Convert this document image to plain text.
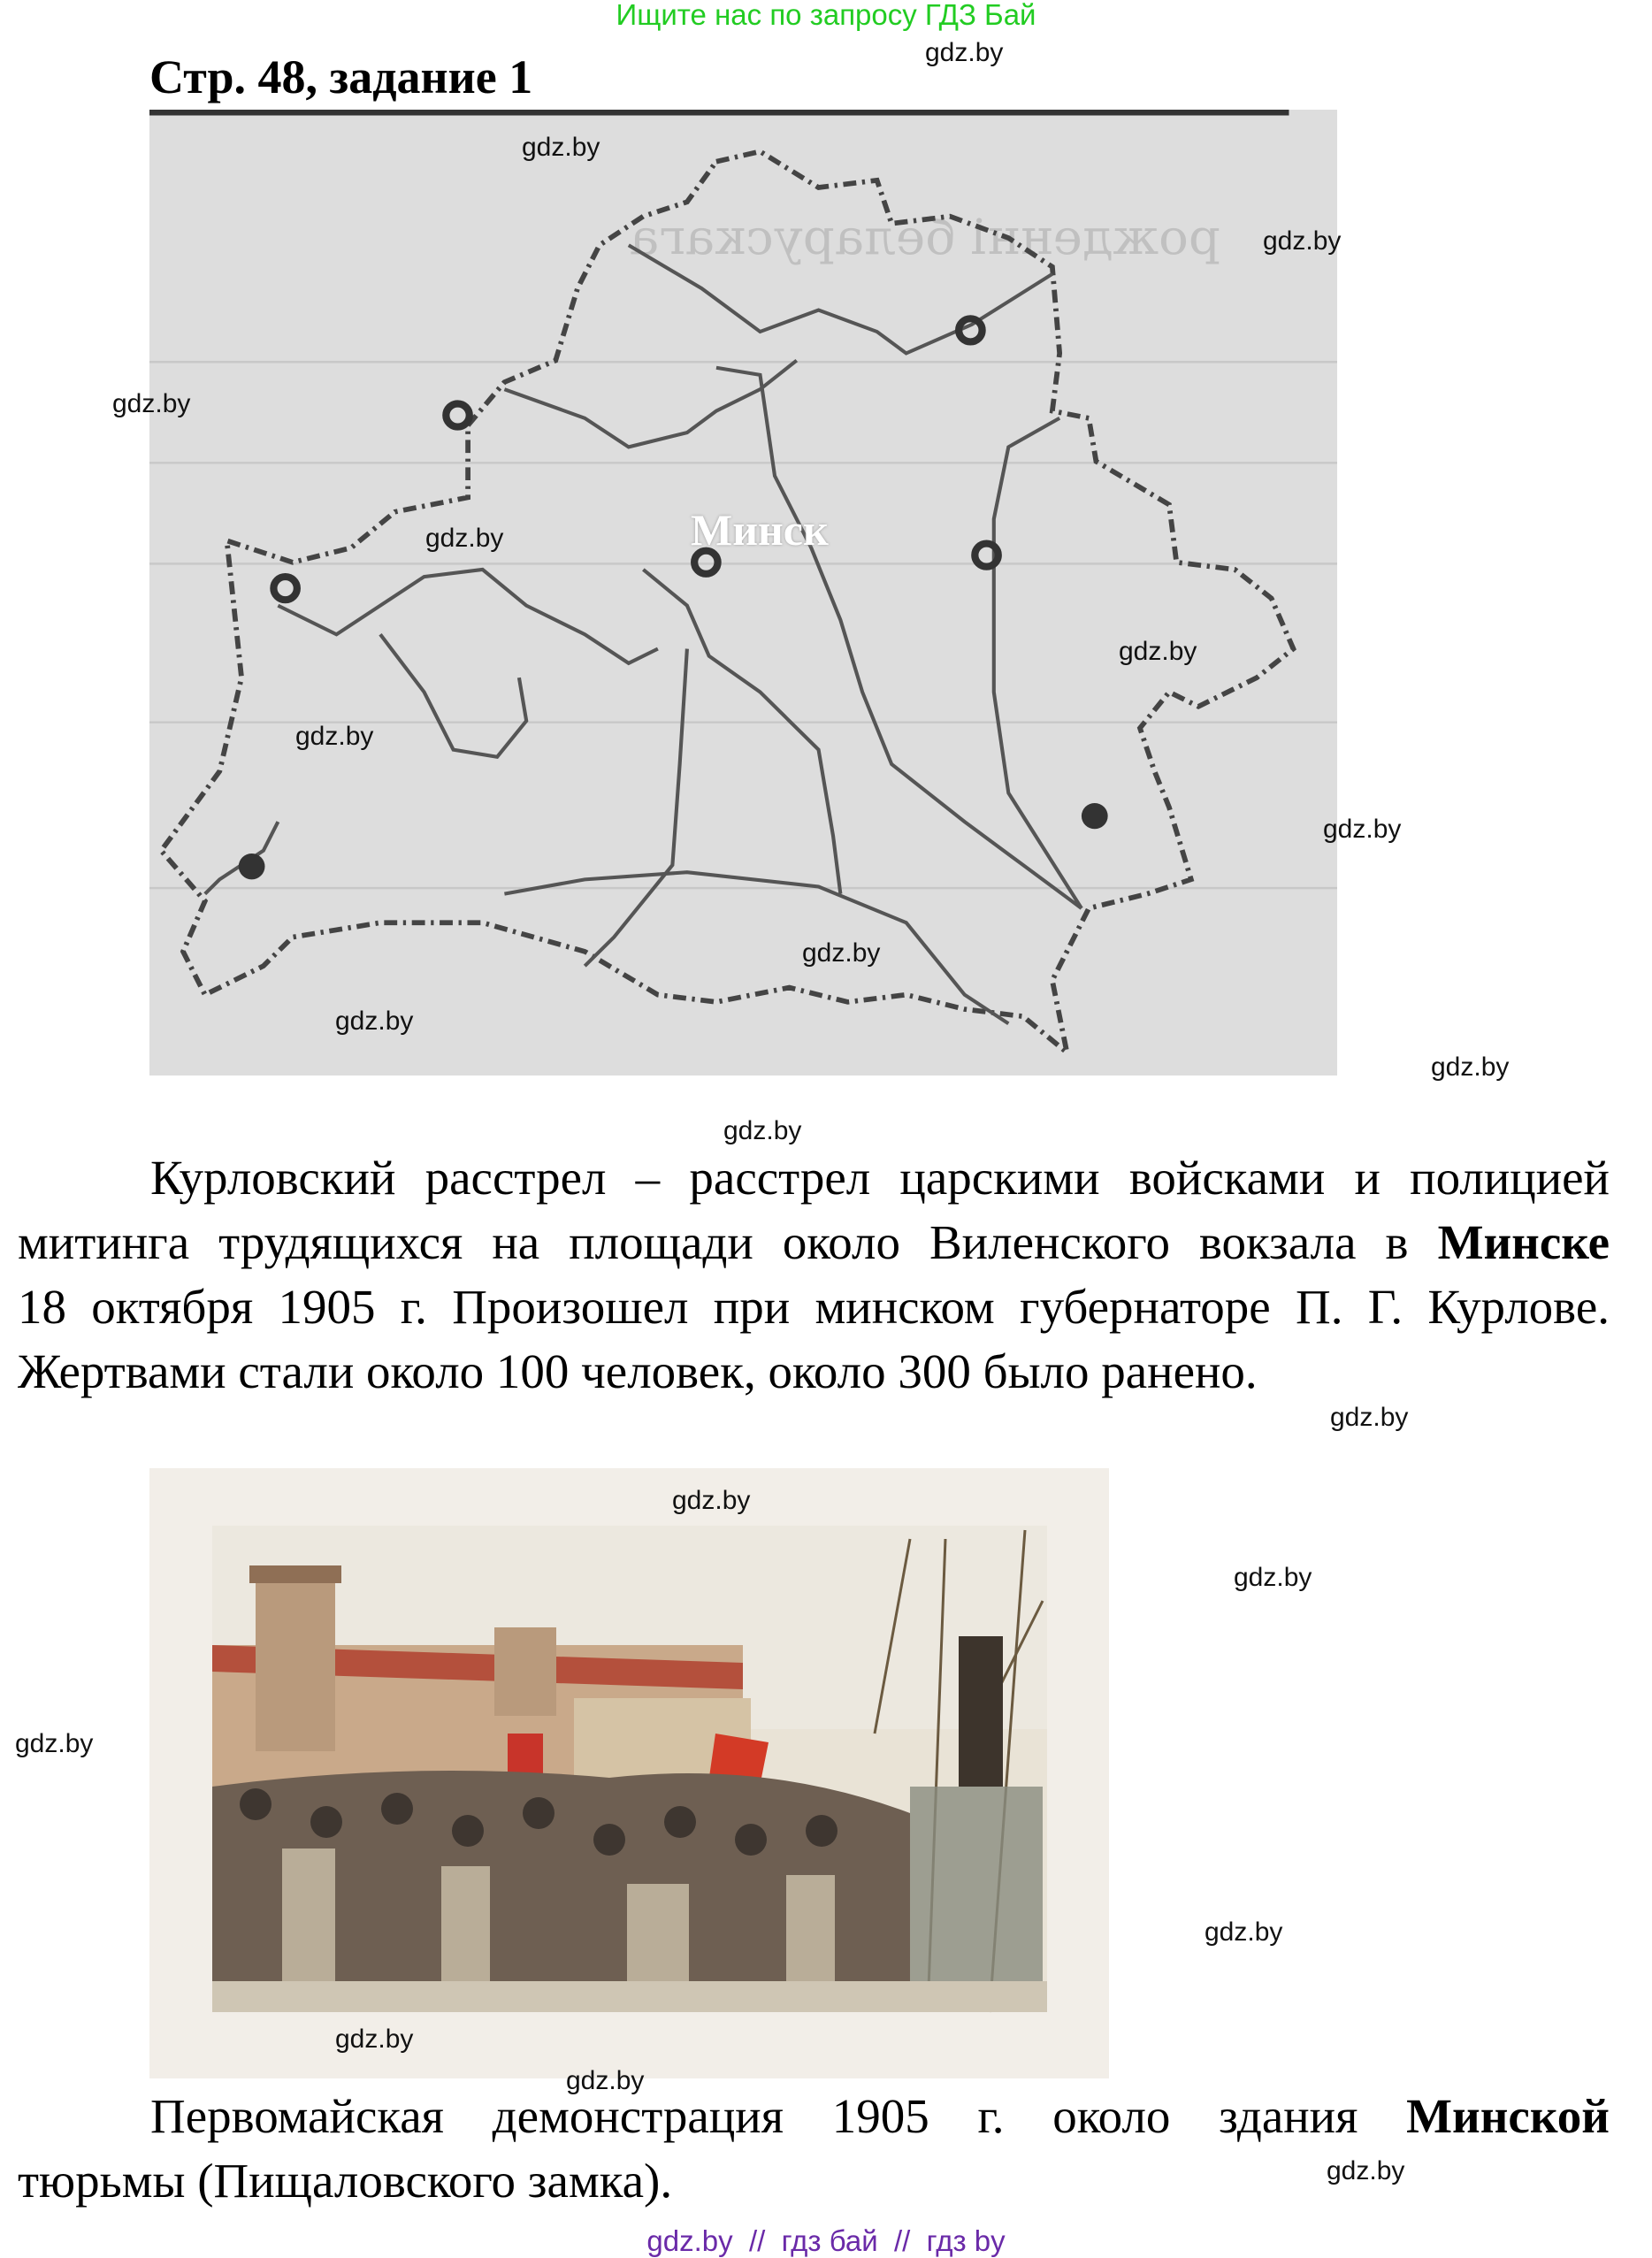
Ищите нас по запросу ГДЗ Бай
Стр. 48, задание 1
рожденні беларускага
Минск
Курловский расстрел – расстрел царскими войсками и полицией
митинга трудящихся на площади около Виленского вокзала в Минске
18 октября 1905 г. Произошел при минском губернаторе П. Г. Курлове.
Жертвами стали около 100 человек, около 300 было ранено.
Первомайская демонстрация 1905 г. около здания Минской
тюрьмы (Пищаловского замка).
gdz.by
gdz.by
gdz.by
gdz.by
gdz.by
gdz.by
gdz.by
gdz.by
gdz.by
gdz.by
gdz.by
gdz.by
gdz.by
gdz.by
gdz.by
gdz.by
gdz.by
gdz.by
gdz.by
gdz.by
gdz.by  //  гдз бай  //  гдз by
